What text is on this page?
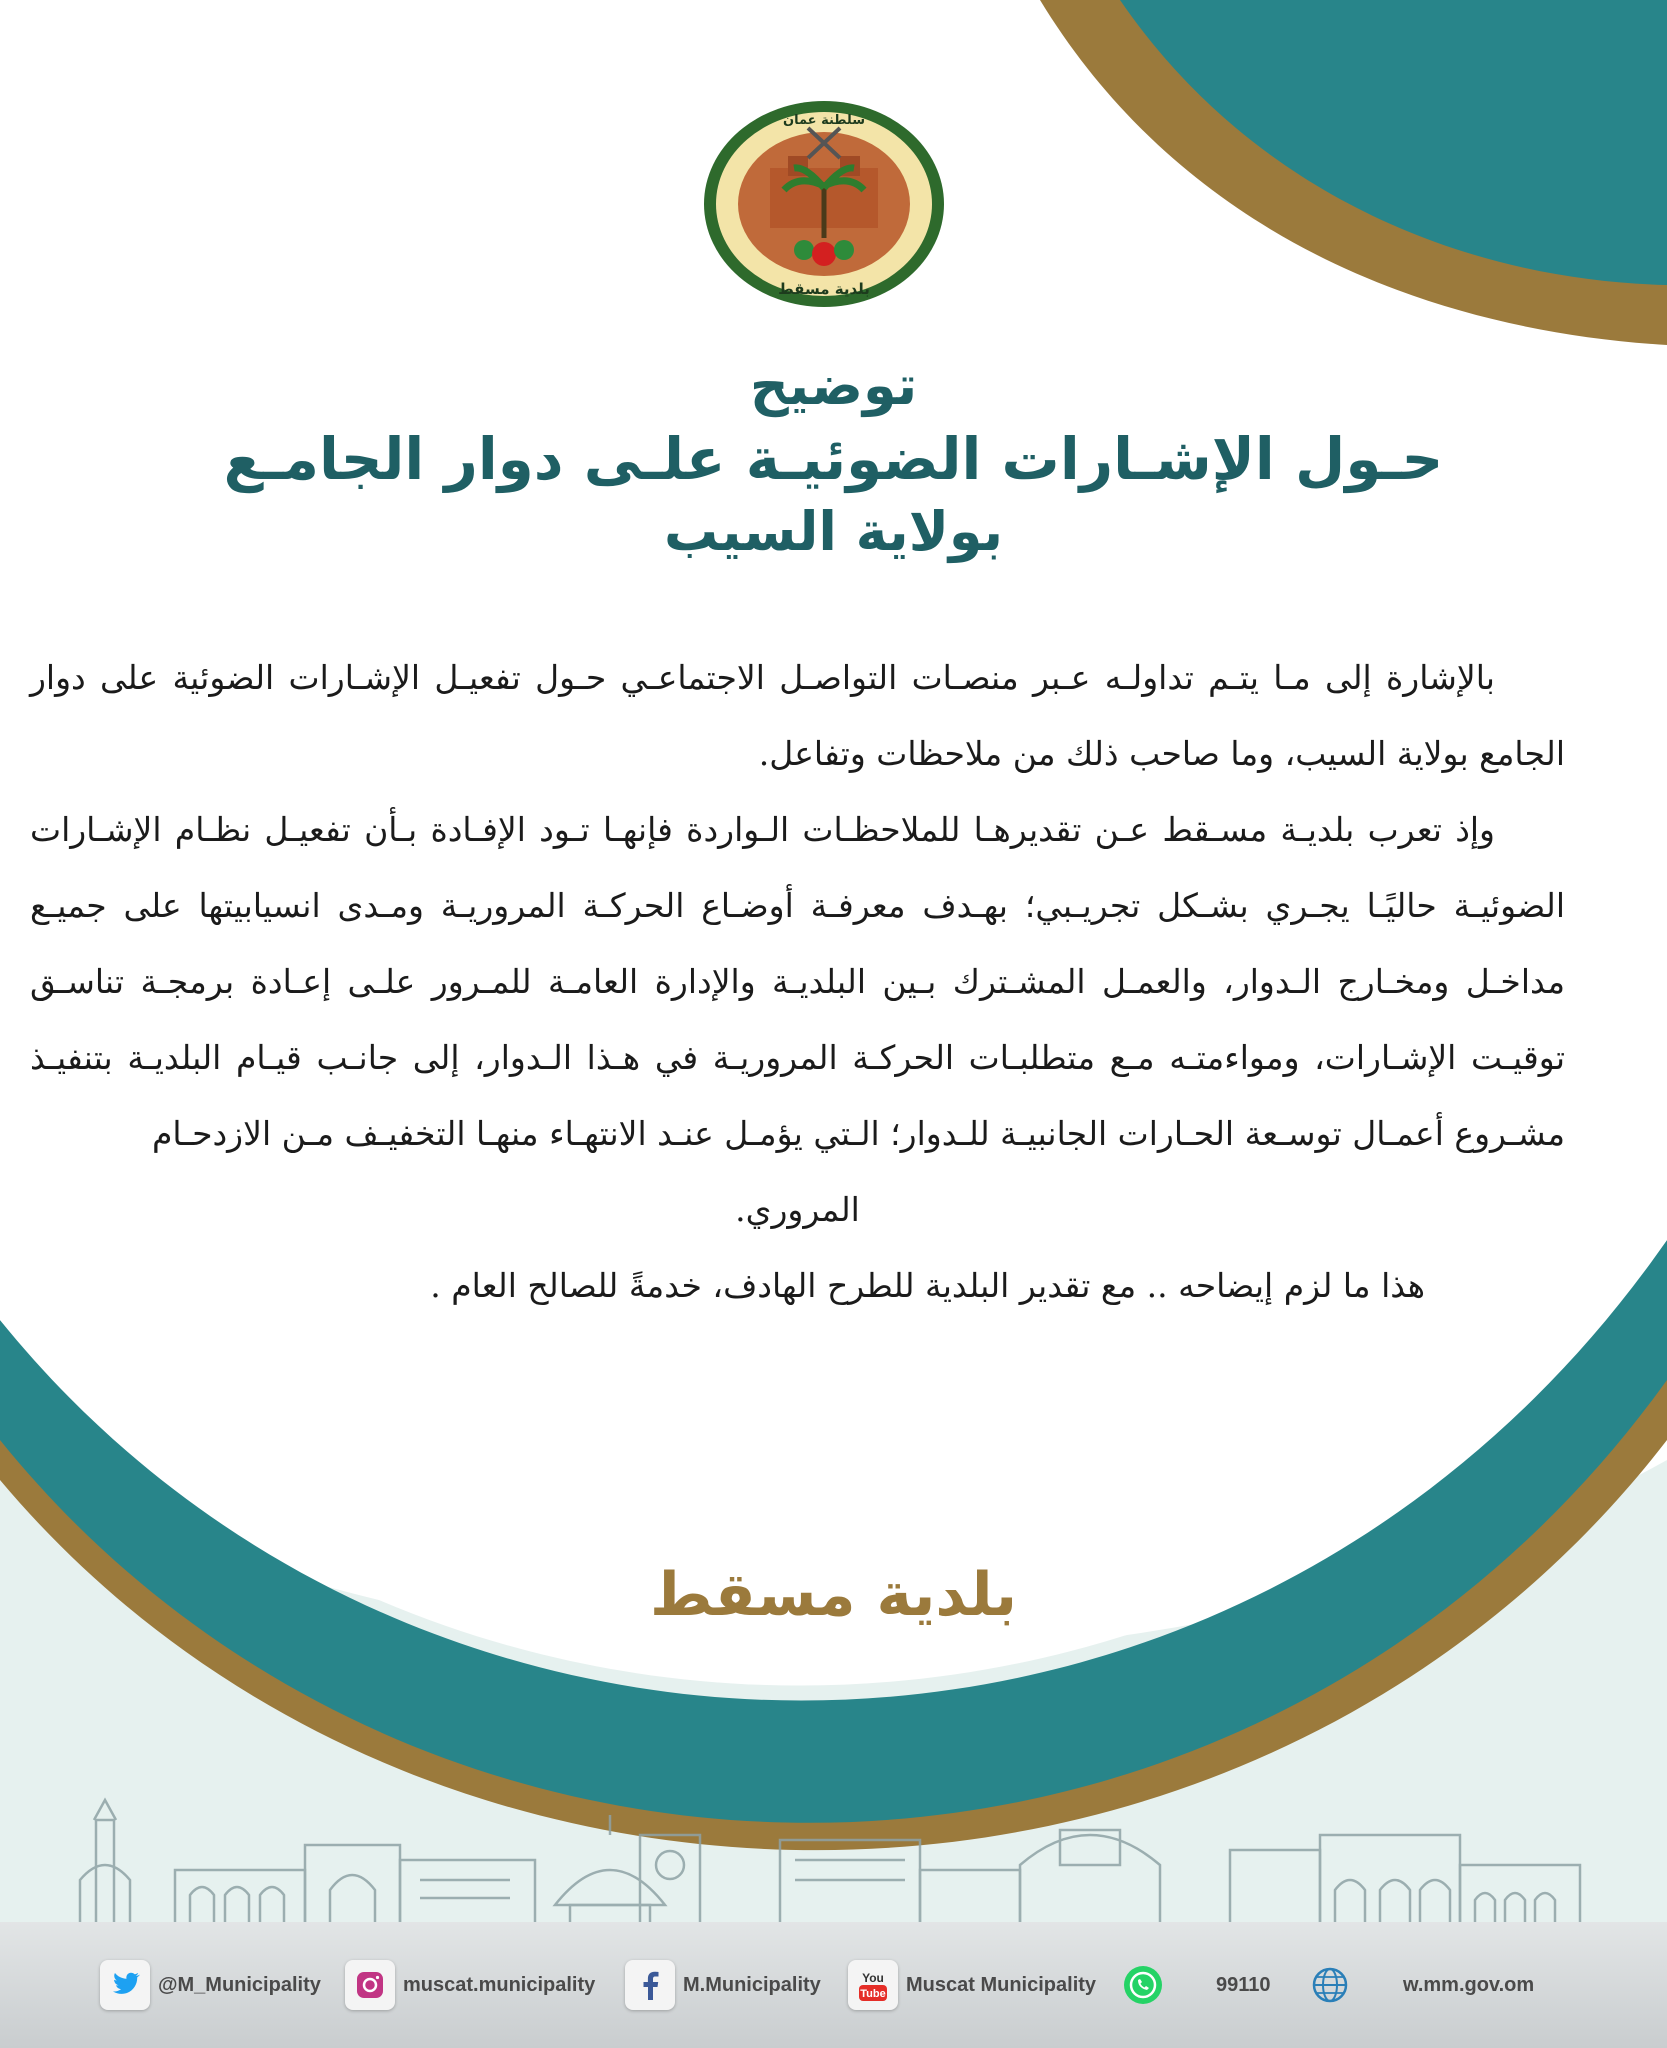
سلطنة عمان
بلدية مسقط
توضيح
حـول الإشـارات الضوئيـة علـى دوار الجامـع
بولاية السيب

بالإشارة إلى مـا يتـم تداولـه عـبر منصـات التواصـل الاجتماعـي حـول تفعيـل الإشـارات الضوئية على دوار الجامع بولاية السيب، وما صاحب ذلك من ملاحظات وتفاعل.

وإذ تعرب بلديـة مسـقط عـن تقديرهـا للملاحظـات الـواردة فإنهـا تـود الإفـادة بـأن تفعيـل نظـام الإشـارات الضوئيـة حاليًـا يجـري بشـكل تجريـبي؛ بهـدف معرفـة أوضـاع الحركـة المروريـة ومـدى انسيابيتها على جميـع مداخـل ومخـارج الـدوار، والعمـل المشـترك بـين البلديـة والإدارة العامـة للمـرور علـى إعـادة برمجـة تناسـق توقيـت الإشـارات، ومواءمتـه مـع متطلبـات الحركـة المروريـة في هـذا الـدوار، إلى جانـب قيـام البلديـة بتنفيـذ مشـروع أعمـال توسـعة الحـارات الجانبيـة للـدوار؛ الـتي يؤمـل عنـد الانتهـاء منهـا التخفيـف مـن الازدحـام

المروري.

هذا ما لزم إيضاحه .. مع تقدير البلدية للطرح الهادف، خدمةً للصالح العام .

بلدية مسقط
@M_Municipality	muscat.municipality	M.Municipality	You
Tube Muscat Municipality	99110	w.mm.gov.om
